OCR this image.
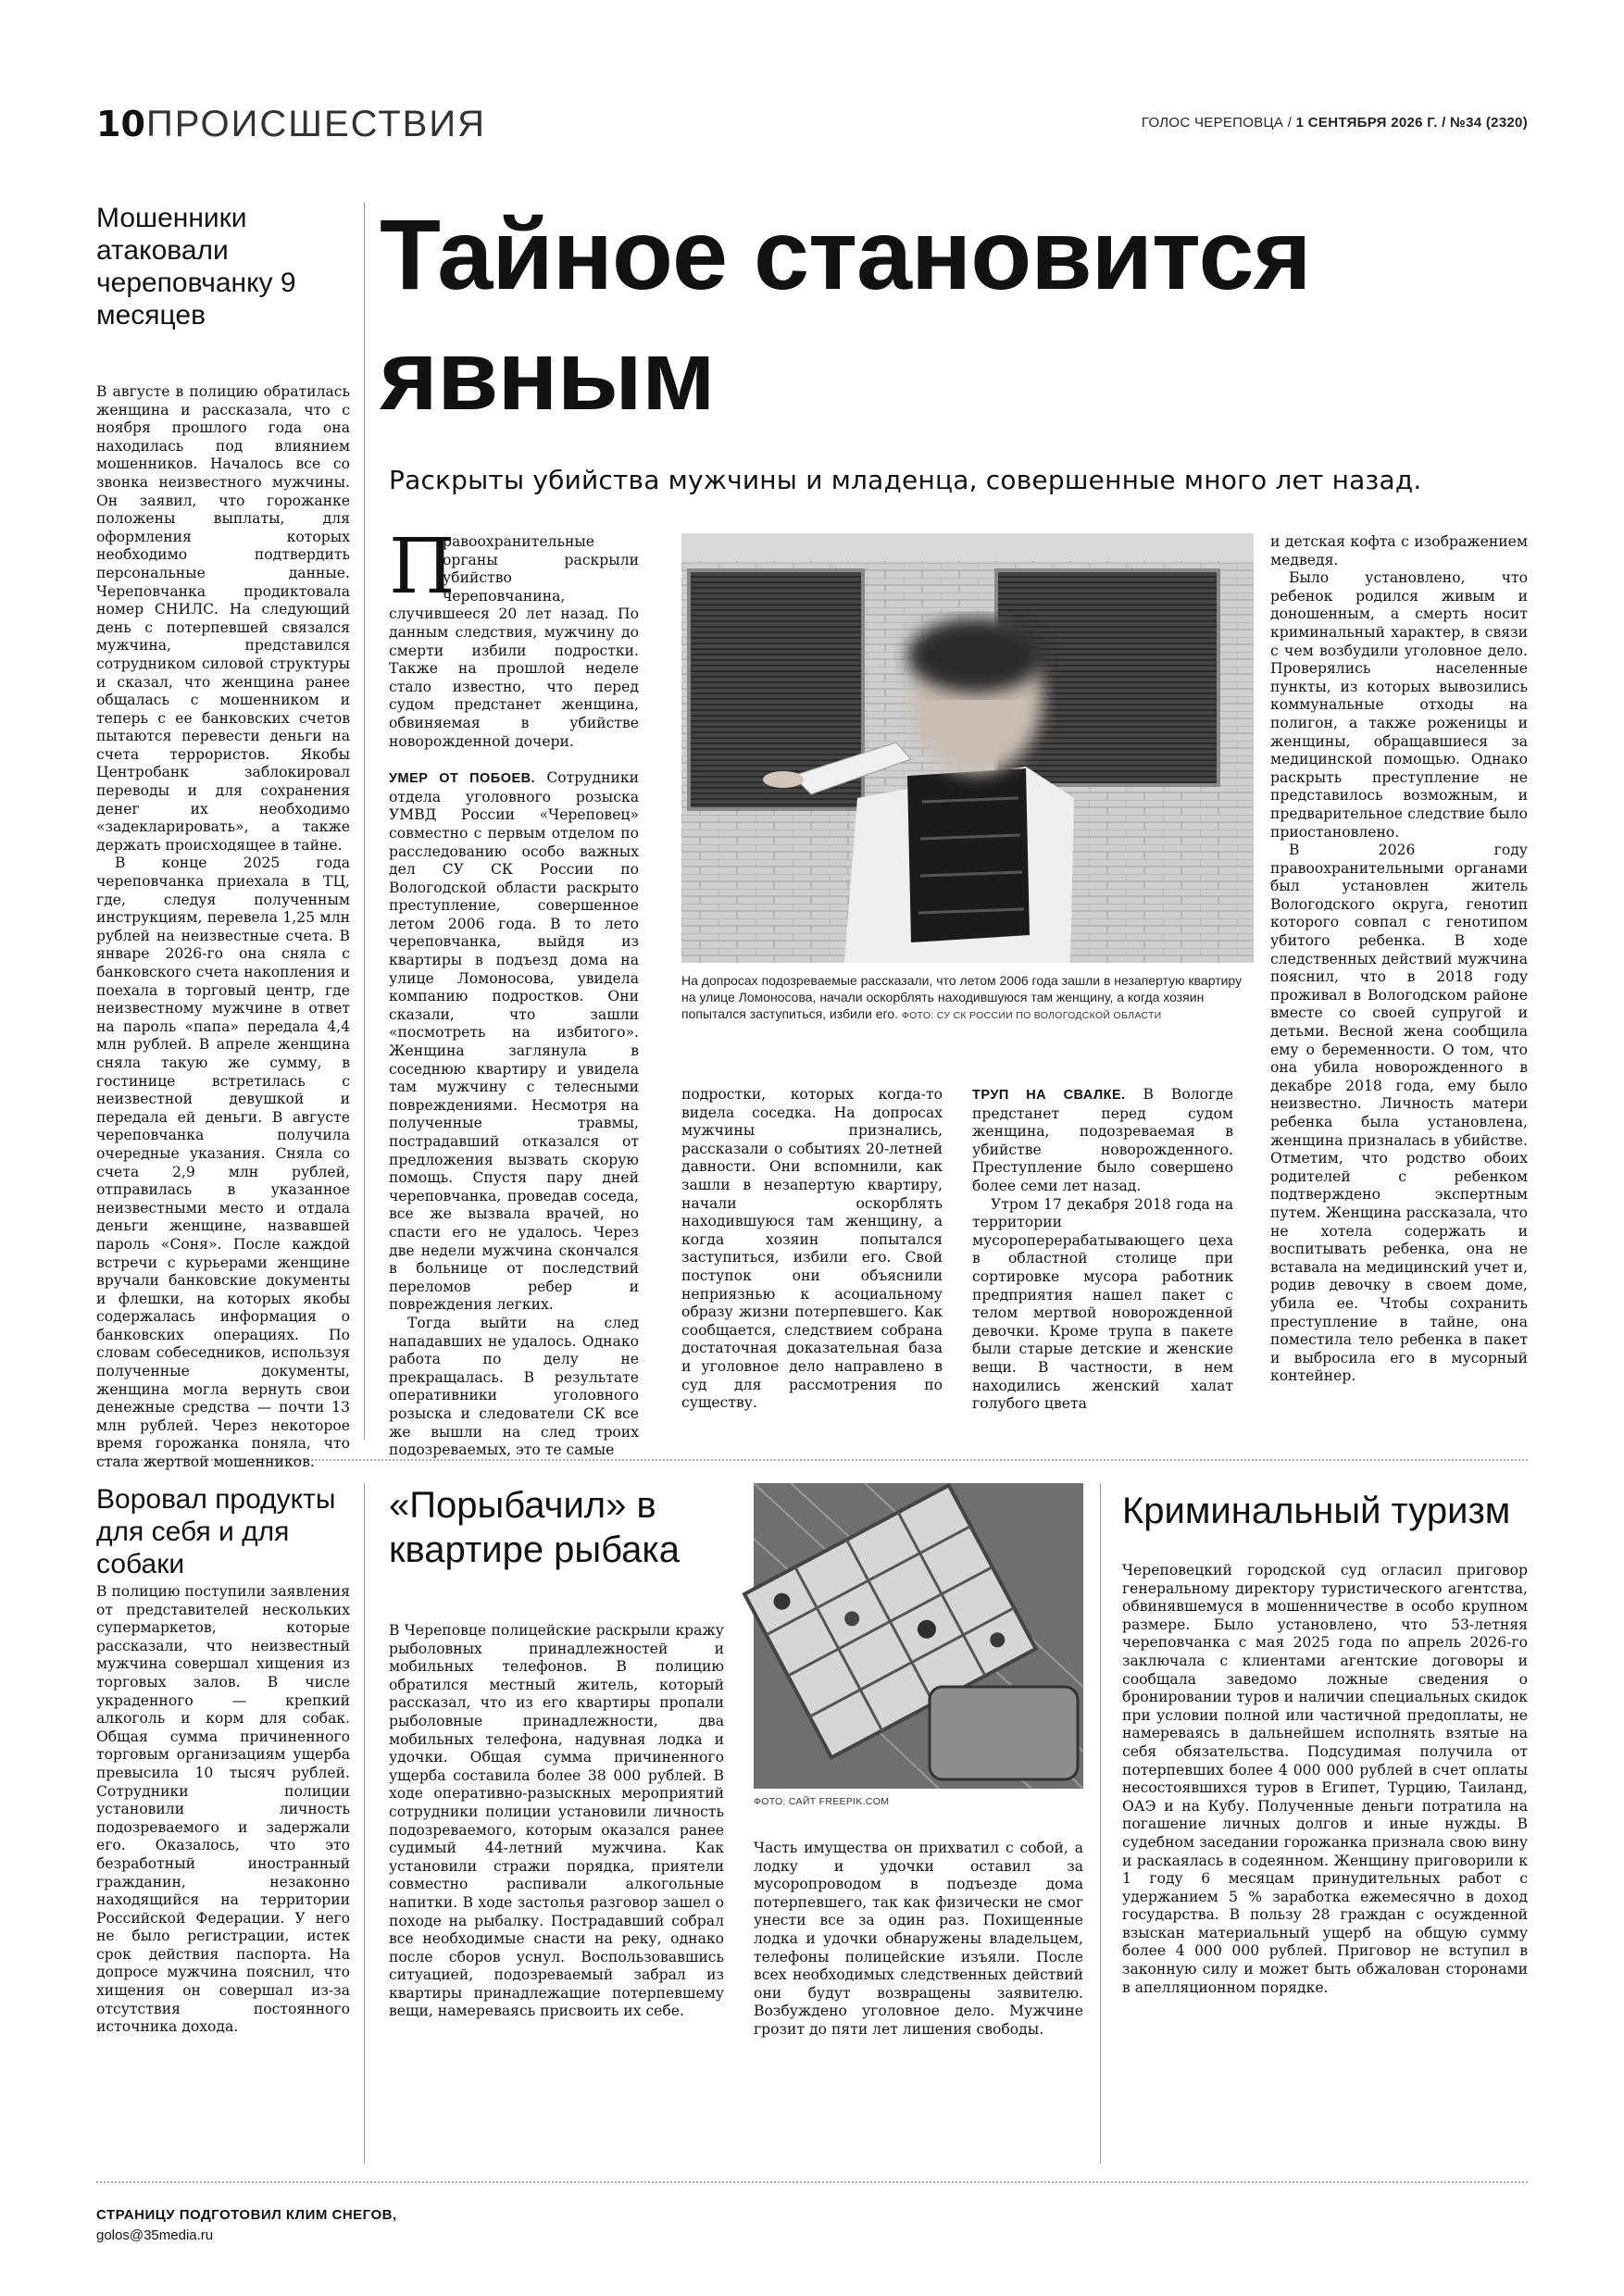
10 ПРОИСШЕСТВИЯ	ГОЛОС ЧЕРЕПОВЦА / 1 СЕНТЯБРЯ 2026 Г. / №34 (2320)
Мошенники атаковали череповчанку 9 месяцев

В августе в полицию обратилась женщина и рассказала, что с ноября прошлого года она находилась под влиянием мошенников. Началось все со звонка неизвестного мужчины. Он заявил, что горожанке положены выплаты, для оформления которых необходимо подтвердить персональные данные. Череповчанка продиктовала номер СНИЛС. На следующий день с потерпевшей связался мужчина, представился сотрудником силовой структуры и сказал, что женщина ранее общалась с мошенником и теперь с ее банковских счетов пытаются перевести деньги на счета террористов. Якобы Центробанк заблокировал переводы и для сохранения денег их необходимо «задекларировать», а также держать происходящее в тайне.

В конце 2025 года череповчанка приехала в ТЦ, где, следуя полученным инструкциям, перевела 1,25 млн рублей на неизвестные счета. В январе 2026-го она сняла с банковского счета накопления и поехала в торговый центр, где неизвестному мужчине в ответ на пароль «папа» передала 4,4 млн рублей. В апреле женщина сняла такую же сумму, в гостинице встретилась с неизвестной девушкой и передала ей деньги. В августе череповчанка получила очередные указания. Сняла со счета 2,9 млн рублей, отправилась в указанное неизвестными место и отдала деньги женщине, назвавшей пароль «Соня». После каждой встречи с курьерами женщине вручали банковские документы и флешки, на которых якобы содержалась информация о банковских операциях. По словам собеседников, используя полученные документы, женщина могла вернуть свои денежные средства — почти 13 млн рублей. Через некоторое время горожанка поняла, что стала жертвой мошенников.

Тайное становится явным
Раскрыты убийства мужчины и младенца, совершенные много лет назад.

П
равоохранительные органы раскрыли убийство череповчанина, случившееся 20 лет назад. По данным следствия, мужчину до смерти избили подростки. Также на прошлой неделе стало известно, что перед судом предстанет женщина, обвиняемая в убийстве новорожденной дочери.

УМЕР ОТ ПОБОЕВ. Сотрудники отдела уголовного розыска УМВД России «Череповец» совместно с первым отделом по расследованию особо важных дел СУ СК России по Вологодской области раскрыто преступление, совершенное летом 2006 года. В то лето череповчанка, выйдя из квартиры в подъезд дома на улице Ломоносова, увидела компанию подростков. Они сказали, что зашли «посмотреть на избитого». Женщина заглянула в соседнюю квартиру и увидела там мужчину с телесными повреждениями. Несмотря на полученные травмы, пострадавший отказался от предложения вызвать скорую помощь. Спустя пару дней череповчанка, проведав соседа, все же вызвала врачей, но спасти его не удалось. Через две недели мужчина скончался в больнице от последствий переломов ребер и повреждения легких.

Тогда выйти на след нападавших не удалось. Однако работа по делу не прекращалась. В результате оперативники уголовного розыска и следователи СК все же вышли на след троих подозреваемых, это те самые

На допросах подозреваемые рассказали, что летом 2006 года зашли в незапертую квартиру на улице Ломоносова, начали оскорблять находившуюся там женщину, а когда хозяин попытался заступиться, избили его. ФОТО: СУ СК РОССИИ ПО ВОЛОГОДСКОЙ ОБЛАСТИ

подростки, которых когда-то видела соседка. На допросах мужчины признались, рассказали о событиях 20-летней давности. Они вспомнили, как зашли в незапертую квартиру, начали оскорблять находившуюся там женщину, а когда хозяин попытался заступиться, избили его. Свой поступок они объяснили неприязнью к асоциальному образу жизни потерпевшего. Как сообщается, следствием собрана достаточная доказательная база и уголовное дело направлено в суд для рассмотрения по существу.

ТРУП НА СВАЛКЕ. В Вологде предстанет перед судом женщина, подозреваемая в убийстве новорожденного. Преступление было совершено более семи лет назад.

Утром 17 декабря 2018 года на территории мусороперерабатывающего цеха в областной столице при сортировке мусора работник предприятия нашел пакет с телом мертвой новорожденной девочки. Кроме трупа в пакете были старые детские и женские вещи. В частности, в нем находились женский халат голубого цвета

и детская кофта с изображением медведя.

Было установлено, что ребенок родился живым и доношенным, а смерть носит криминальный характер, в связи с чем возбудили уголовное дело. Проверялись населенные пункты, из которых вывозились коммунальные отходы на полигон, а также роженицы и женщины, обращавшиеся за медицинской помощью. Однако раскрыть преступление не представилось возможным, и предварительное следствие было приостановлено.

В 2026 году правоохранительными органами был установлен житель Вологодского округа, генотип которого совпал с генотипом убитого ребенка. В ходе следственных действий мужчина пояснил, что в 2018 году проживал в Вологодском районе вместе со своей супругой и детьми. Весной жена сообщила ему о беременности. О том, что она убила новорожденного в декабре 2018 года, ему было неизвестно. Личность матери ребенка была установлена, женщина призналась в убийстве. Отметим, что родство обоих родителей с ребенком подтверждено экспертным путем. Женщина рассказала, что не хотела содержать и воспитывать ребенка, она не вставала на медицинский учет и, родив девочку в своем доме, убила ее. Чтобы сохранить преступление в тайне, она поместила тело ребенка в пакет и выбросила его в мусорный контейнер.

Воровал продукты для себя и для собаки

В полицию поступили заявления от представителей нескольких супермаркетов, которые рассказали, что неизвестный мужчина совершал хищения из торговых залов. В числе украденного — крепкий алкоголь и корм для собак. Общая сумма причиненного торговым организациям ущерба превысила 10 тысяч рублей. Сотрудники полиции установили личность подозреваемого и задержали его. Оказалось, что это безработный иностранный гражданин, незаконно находящийся на территории Российской Федерации. У него не было регистрации, истек срок действия паспорта. На допросе мужчина пояснил, что хищения он совершал из-за отсутствия постоянного источника дохода.

«Порыбачил» в квартире рыбака

В Череповце полицейские раскрыли кражу рыболовных принадлежностей и мобильных телефонов. В полицию обратился местный житель, который рассказал, что из его квартиры пропали рыболовные принадлежности, два мобильных телефона, надувная лодка и удочки. Общая сумма причиненного ущерба составила более 38 000 рублей. В ходе оперативно-разыскных мероприятий сотрудники полиции установили личность подозреваемого, которым оказался ранее судимый 44-летний мужчина. Как установили стражи порядка, приятели совместно распивали алкогольные напитки. В ходе застолья разговор зашел о походе на рыбалку. Пострадавший собрал все необходимые снасти на реку, однако после сборов уснул. Воспользовавшись ситуацией, подозреваемый забрал из квартиры принадлежащие потерпевшему вещи, намереваясь присвоить их себе.

ФОТО: САЙТ FREEPIK.COM

Часть имущества он прихватил с собой, а лодку и удочки оставил за мусоропроводом в подъезде дома потерпевшего, так как физически не смог унести все за один раз. Похищенные лодка и удочки обнаружены владельцем, телефоны полицейские изъяли. После всех необходимых следственных действий они будут возвращены заявителю. Возбуждено уголовное дело. Мужчине грозит до пяти лет лишения свободы.

Криминальный туризм

Череповецкий городской суд огласил приговор генеральному директору туристического агентства, обвинявшемуся в мошенничестве в особо крупном размере. Было установлено, что 53-летняя череповчанка с мая 2025 года по апрель 2026-го заключала с клиентами агентские договоры и сообщала заведомо ложные сведения о бронировании туров и наличии специальных скидок при условии полной или частичной предоплаты, не намереваясь в дальнейшем исполнять взятые на себя обязательства. Подсудимая получила от потерпевших более 4 000 000 рублей в счет оплаты несостоявшихся туров в Египет, Турцию, Таиланд, ОАЭ и на Кубу. Полученные деньги потратила на погашение личных долгов и иные нужды. В судебном заседании горожанка признала свою вину и раскаялась в содеянном. Женщину приговорили к 1 году 6 месяцам принудительных работ с удержанием 5 % заработка ежемесячно в доход государства. В пользу 28 граждан с осужденной взыскан материальный ущерб на общую сумму более 4 000 000 рублей. Приговор не вступил в законную силу и может быть обжалован сторонами в апелляционном порядке.

СТРАНИЦУ ПОДГОТОВИЛ КЛИМ СНЕГОВ,
golos@35media.ru
